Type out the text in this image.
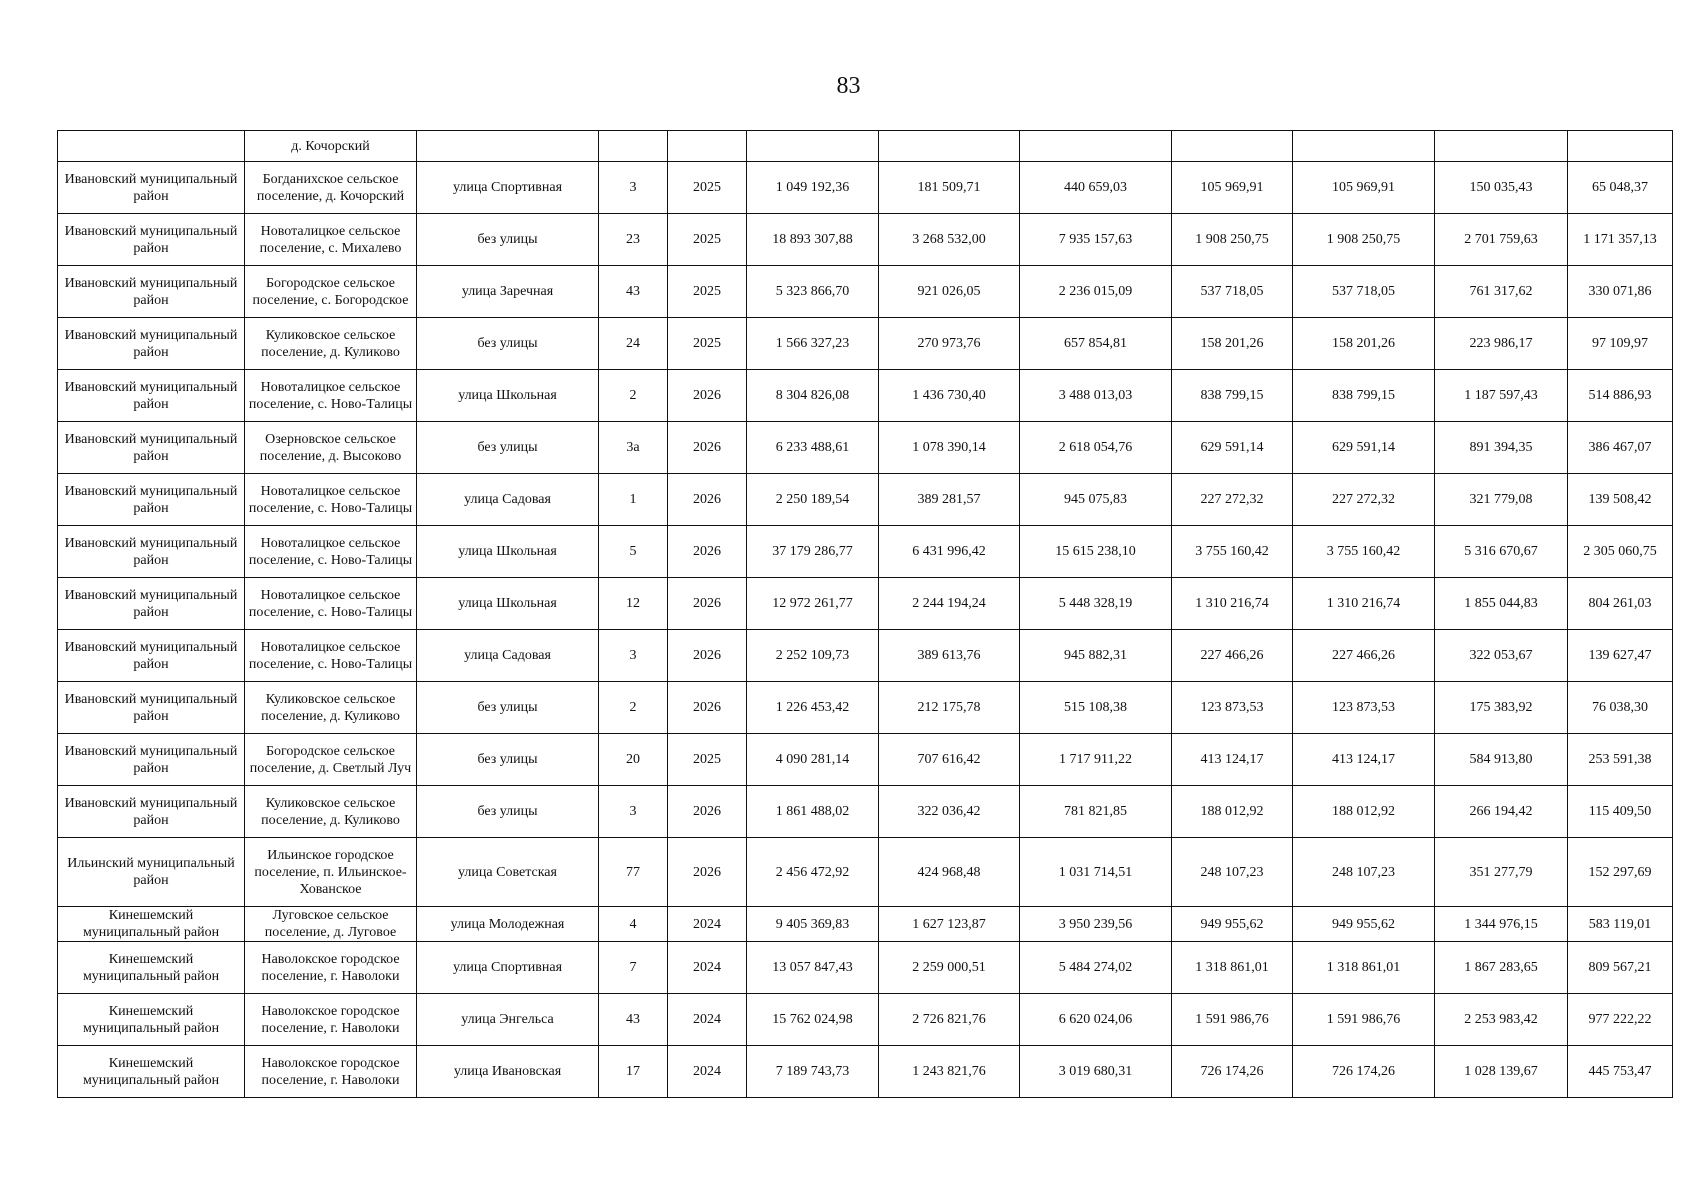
83
	д. Кочорский										
Ивановский муниципальный район	Богданихское сельское поселение, д. Кочорский	улица Спортивная	3	2025	1 049 192,36	181 509,71	440 659,03	105 969,91	105 969,91	150 035,43	65 048,37
Ивановский муниципальный район	Новоталицкое сельское поселение, с. Михалево	без улицы	23	2025	18 893 307,88	3 268 532,00	7 935 157,63	1 908 250,75	1 908 250,75	2 701 759,63	1 171 357,13
Ивановский муниципальный район	Богородское сельское поселение, с. Богородское	улица Заречная	43	2025	5 323 866,70	921 026,05	2 236 015,09	537 718,05	537 718,05	761 317,62	330 071,86
Ивановский муниципальный район	Куликовское сельское поселение, д. Куликово	без улицы	24	2025	1 566 327,23	270 973,76	657 854,81	158 201,26	158 201,26	223 986,17	97 109,97
Ивановский муниципальный район	Новоталицкое сельское поселение, с. Ново-Талицы	улица Школьная	2	2026	8 304 826,08	1 436 730,40	3 488 013,03	838 799,15	838 799,15	1 187 597,43	514 886,93
Ивановский муниципальный район	Озерновское сельское поселение, д. Высоково	без улицы	3а	2026	6 233 488,61	1 078 390,14	2 618 054,76	629 591,14	629 591,14	891 394,35	386 467,07
Ивановский муниципальный район	Новоталицкое сельское поселение, с. Ново-Талицы	улица Садовая	1	2026	2 250 189,54	389 281,57	945 075,83	227 272,32	227 272,32	321 779,08	139 508,42
Ивановский муниципальный район	Новоталицкое сельское поселение, с. Ново-Талицы	улица Школьная	5	2026	37 179 286,77	6 431 996,42	15 615 238,10	3 755 160,42	3 755 160,42	5 316 670,67	2 305 060,75
Ивановский муниципальный район	Новоталицкое сельское поселение, с. Ново-Талицы	улица Школьная	12	2026	12 972 261,77	2 244 194,24	5 448 328,19	1 310 216,74	1 310 216,74	1 855 044,83	804 261,03
Ивановский муниципальный район	Новоталицкое сельское поселение, с. Ново-Талицы	улица Садовая	3	2026	2 252 109,73	389 613,76	945 882,31	227 466,26	227 466,26	322 053,67	139 627,47
Ивановский муниципальный район	Куликовское сельское поселение, д. Куликово	без улицы	2	2026	1 226 453,42	212 175,78	515 108,38	123 873,53	123 873,53	175 383,92	76 038,30
Ивановский муниципальный район	Богородское сельское поселение, д. Светлый Луч	без улицы	20	2025	4 090 281,14	707 616,42	1 717 911,22	413 124,17	413 124,17	584 913,80	253 591,38
Ивановский муниципальный район	Куликовское сельское поселение, д. Куликово	без улицы	3	2026	1 861 488,02	322 036,42	781 821,85	188 012,92	188 012,92	266 194,42	115 409,50
Ильинский муниципальный район	Ильинское городское поселение, п. Ильинское-Хованское	улица Советская	77	2026	2 456 472,92	424 968,48	1 031 714,51	248 107,23	248 107,23	351 277,79	152 297,69
Кинешемский муниципальный район	Луговское сельское поселение, д. Луговое	улица Молодежная	4	2024	9 405 369,83	1 627 123,87	3 950 239,56	949 955,62	949 955,62	1 344 976,15	583 119,01
Кинешемский муниципальный район	Наволокское городское поселение, г. Наволоки	улица Спортивная	7	2024	13 057 847,43	2 259 000,51	5 484 274,02	1 318 861,01	1 318 861,01	1 867 283,65	809 567,21
Кинешемский муниципальный район	Наволокское городское поселение, г. Наволоки	улица Энгельса	43	2024	15 762 024,98	2 726 821,76	6 620 024,06	1 591 986,76	1 591 986,76	2 253 983,42	977 222,22
Кинешемский муниципальный район	Наволокское городское поселение, г. Наволоки	улица Ивановская	17	2024	7 189 743,73	1 243 821,76	3 019 680,31	726 174,26	726 174,26	1 028 139,67	445 753,47
